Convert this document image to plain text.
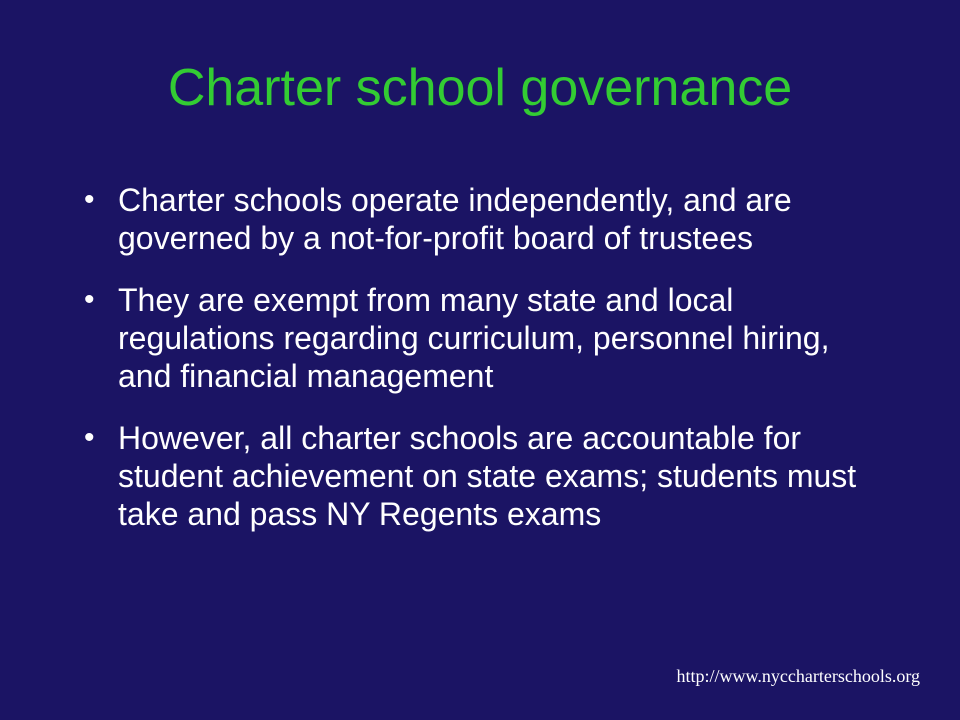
Charter school governance
• Charter schools operate independently, and are governed by a not-for-profit board of trustees
• They are exempt from many state and local regulations regarding curriculum, personnel hiring, and financial management
• However, all charter schools are accountable for student achievement on state exams; students must take and pass NY Regents exams
http://www.nyccharterschools.org
